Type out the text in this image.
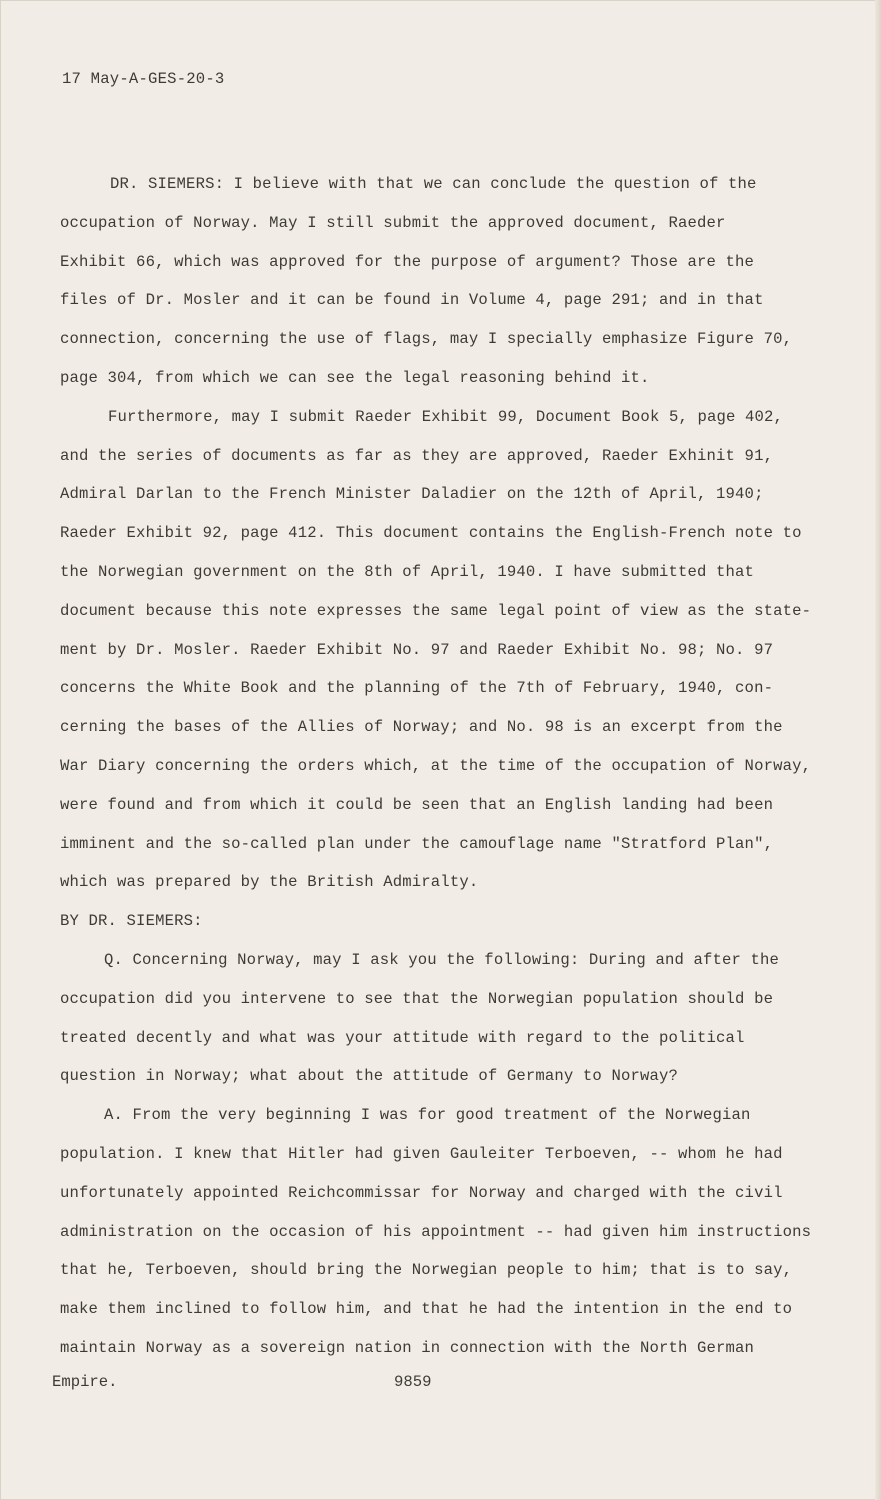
17 May-A-GES-20-3
DR. SIEMERS: I believe with that we can conclude the question of the
occupation of Norway. May I still submit the approved document, Raeder
Exhibit 66, which was approved for the purpose of argument? Those are the
files of Dr. Mosler and it can be found in Volume 4, page 291; and in that
connection, concerning the use of flags, may I specially emphasize Figure 70,
page 304, from which we can see the legal reasoning behind it.
Furthermore, may I submit Raeder Exhibit 99, Document Book 5, page 402,
and the series of documents as far as they are approved, Raeder Exhinit 91,
Admiral Darlan to the French Minister Daladier on the 12th of April, 1940;
Raeder Exhibit 92, page 412. This document contains the English-French note to
the Norwegian government on the 8th of April, 1940. I have submitted that
document because this note expresses the same legal point of view as the state-
ment by Dr. Mosler. Raeder Exhibit No. 97 and Raeder Exhibit No. 98; No. 97
concerns the White Book and the planning of the 7th of February, 1940, con-
cerning the bases of the Allies of Norway; and No. 98 is an excerpt from the
War Diary concerning the orders which, at the time of the occupation of Norway,
were found and from which it could be seen that an English landing had been
imminent and the so-called plan under the camouflage name "Stratford Plan",
which was prepared by the British Admiralty.
BY DR. SIEMERS:
Q. Concerning Norway, may I ask you the following: During and after the
occupation did you intervene to see that the Norwegian population should be
treated decently and what was your attitude with regard to the political
question in Norway; what about the attitude of Germany to Norway?
A. From the very beginning I was for good treatment of the Norwegian
population. I knew that Hitler had given Gauleiter Terboeven, -- whom he had
unfortunately appointed Reichcommissar for Norway and charged with the civil
administration on the occasion of his appointment -- had given him instructions
that he, Terboeven, should bring the Norwegian people to him; that is to say,
make them inclined to follow him, and that he had the intention in the end to
maintain Norway as a sovereign nation in connection with the North German
Empire.	9859
